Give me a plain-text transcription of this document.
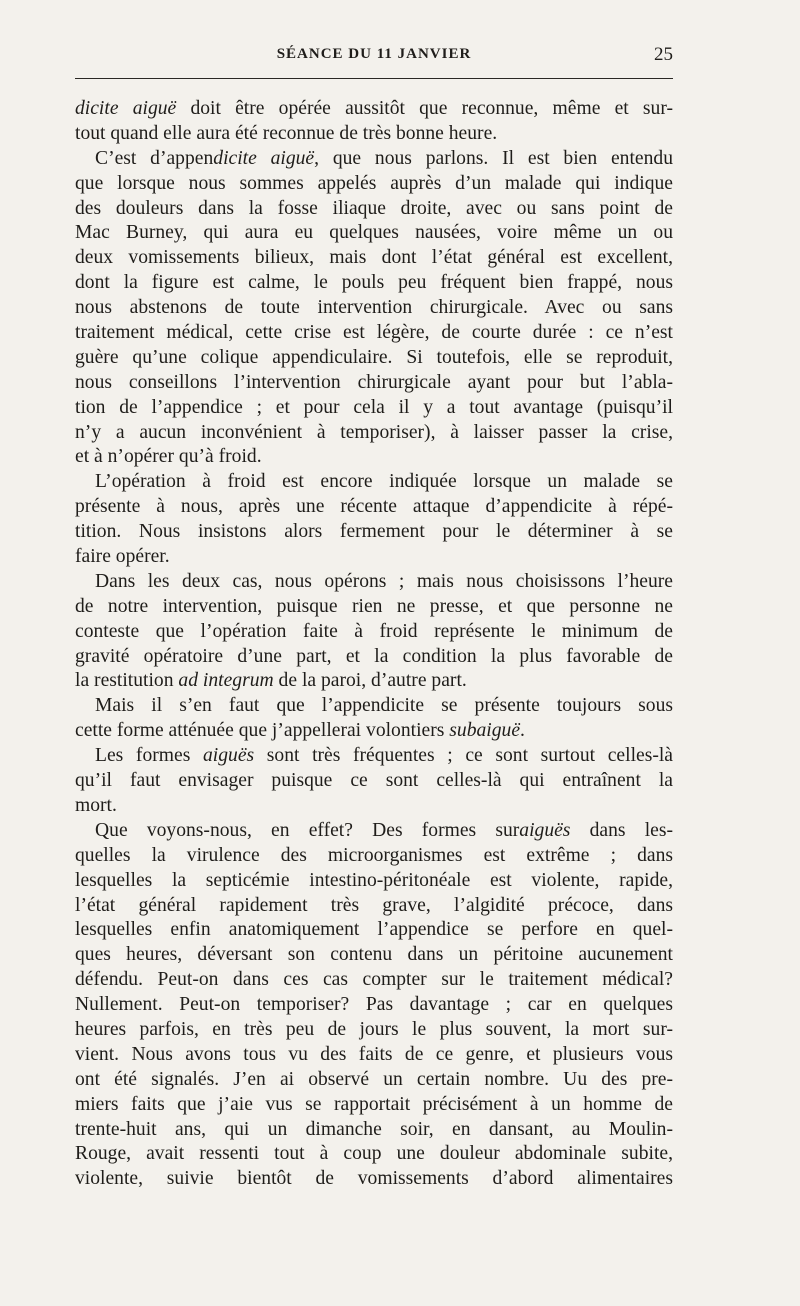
SÉANCE DU 11 JANVIER	25
dicite aiguë doit être opérée aussitôt que reconnue, même et sur-
tout quand elle aura été reconnue de très bonne heure.
C’est d’appendicite aiguë, que nous parlons. Il est bien entendu
que lorsque nous sommes appelés auprès d’un malade qui indique
des douleurs dans la fosse iliaque droite, avec ou sans point de
Mac Burney, qui aura eu quelques nausées, voire même un ou
deux vomissements bilieux, mais dont l’état général est excellent,
dont la figure est calme, le pouls peu fréquent bien frappé, nous
nous abstenons de toute intervention chirurgicale. Avec ou sans
traitement médical, cette crise est légère, de courte durée : ce n’est
guère qu’une colique appendiculaire. Si toutefois, elle se reproduit,
nous conseillons l’intervention chirurgicale ayant pour but l’abla-
tion de l’appendice ; et pour cela il y a tout avantage (puisqu’il
n’y a aucun inconvénient à temporiser), à laisser passer la crise,
et à n’opérer qu’à froid.
L’opération à froid est encore indiquée lorsque un malade se
présente à nous, après une récente attaque d’appendicite à répé-
tition. Nous insistons alors fermement pour le déterminer à se
faire opérer.
Dans les deux cas, nous opérons ; mais nous choisissons l’heure
de notre intervention, puisque rien ne presse, et que personne ne
conteste que l’opération faite à froid représente le minimum de
gravité opératoire d’une part, et la condition la plus favorable de
la restitution ad integrum de la paroi, d’autre part.
Mais il s’en faut que l’appendicite se présente toujours sous
cette forme atténuée que j’appellerai volontiers subaiguë.
Les formes aiguës sont très fréquentes ; ce sont surtout celles-là
qu’il faut envisager puisque ce sont celles-là qui entraînent la
mort.
Que voyons-nous, en effet? Des formes suraiguës dans les-
quelles la virulence des microorganismes est extrême ; dans
lesquelles la septicémie intestino-péritonéale est violente, rapide,
l’état général rapidement très grave, l’algidité précoce, dans
lesquelles enfin anatomiquement l’appendice se perfore en quel-
ques heures, déversant son contenu dans un péritoine aucunement
défendu. Peut-on dans ces cas compter sur le traitement médical?
Nullement. Peut-on temporiser? Pas davantage ; car en quelques
heures parfois, en très peu de jours le plus souvent, la mort sur-
vient. Nous avons tous vu des faits de ce genre, et plusieurs vous
ont été signalés. J’en ai observé un certain nombre. Uu des pre-
miers faits que j’aie vus se rapportait précisément à un homme de
trente-huit ans, qui un dimanche soir, en dansant, au Moulin-
Rouge, avait ressenti tout à coup une douleur abdominale subite,
violente, suivie bientôt de vomissements d’abord alimentaires
